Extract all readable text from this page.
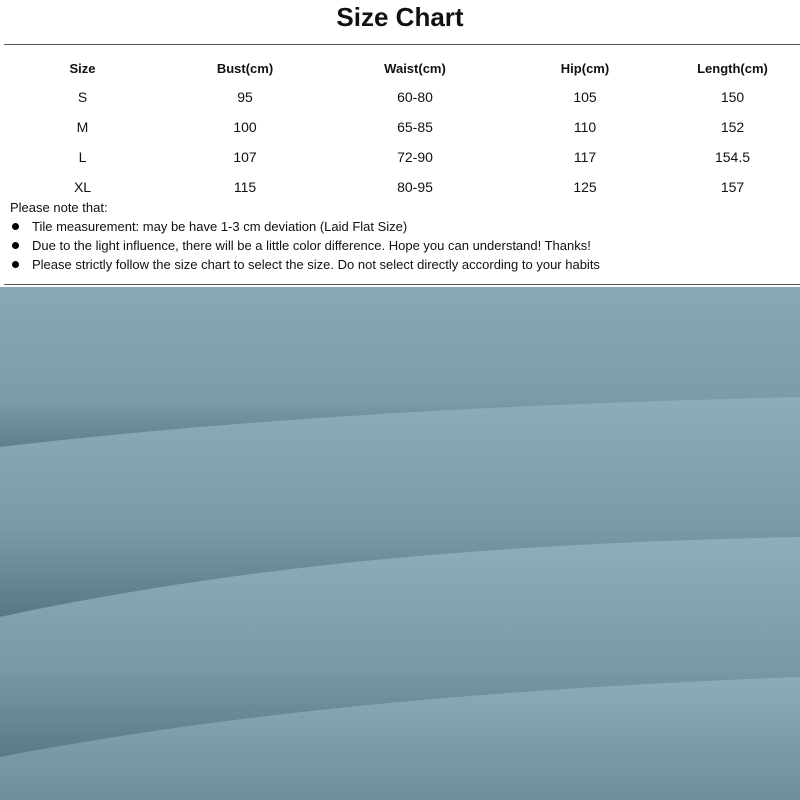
Size Chart
Size	Bust(cm)	Waist(cm)	Hip(cm)	Length(cm)
S	95	60-80	105	150
M	100	65-85	110	152
L	107	72-90	117	154.5
XL	115	80-95	125	157
Please note that:
Tile measurement: may be have 1-3 cm deviation (Laid Flat Size)
Due to the light influence, there will be a little color difference. Hope you can understand! Thanks!
Please strictly follow the size chart to select the size. Do not select directly according to your habits
